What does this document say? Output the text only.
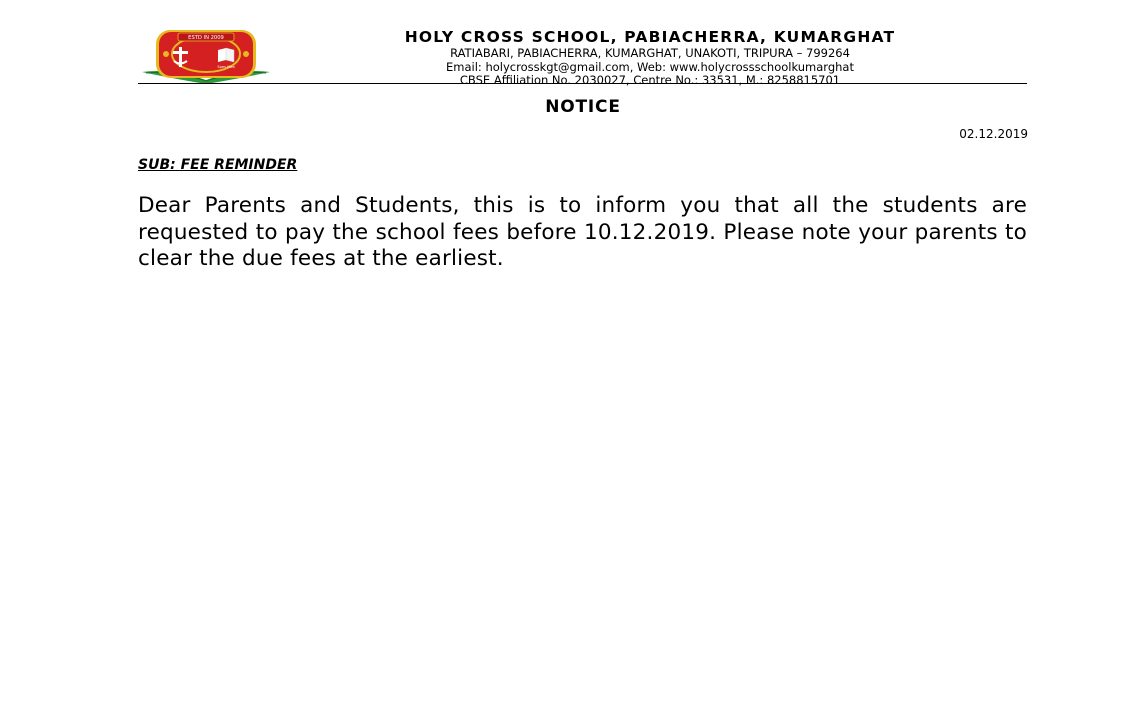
ESTD IN 2009
Spes Mea
HOLY CROSS SCHOOL, PABIACHERRA, KUMARGHAT
RATIABARI, PABIACHERRA, KUMARGHAT, UNAKOTI, TRIPURA – 799264
Email: holycrosskgt@gmail.com, Web: www.holycrossschoolkumarghat
CBSE Affiliation No. 2030027, Centre No.: 33531, M.: 8258815701
NOTICE
02.12.2019
SUB: FEE REMINDER
Dear Parents and Students, this is to inform you that all the students are requested to pay the school fees before 10.12.2019. Please note your parents to clear the due fees at the earliest.
